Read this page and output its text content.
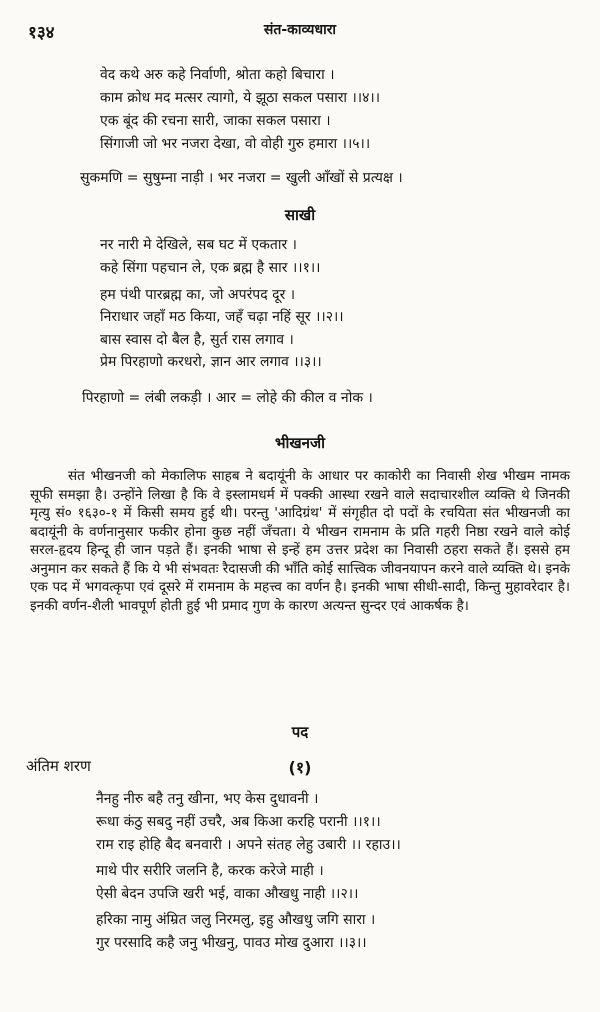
१३४	संत-काव्यधारा
वेद कथे अरु कहे निर्वाणी, श्रोता कहो बिचारा ।
काम क्रोध मद मत्सर त्यागो, ये झूठा सकल पसारा ।।४।।
एक बूंद की रचना सारी, जाका सकल पसारा ।
सिंगाजी जो भर नजरा देखा, वो वोही गुरु हमारा ।।५।।
सुकमणि = सुषुम्ना नाड़ी । भर नजरा = खुली आँखों से प्रत्यक्ष ।
साखी
नर नारी मे देखिले, सब घट में एकतार ।
कहे सिंगा पहचान ले, एक ब्रह्म है सार ।।१।।
हम पंथी पारब्रह्म का, जो अपरंपद दूर ।
निराधार जहाँ मठ किया, जहँ चढ़ा नहिं सूर ।।२।।
बास स्वास दो बैल है, सुर्त रास लगाव ।
प्रेम पिरहाणो करधरो, ज्ञान आर लगाव ।।३।।
पिरहाणो = लंबी लकड़ी । आर = लोहे की कील व नोक ।
भीखनजी

संत भीखनजी को मेकालिफ साहब ने बदायूंनी के आधार पर काकोरी का निवासी शेख भीखम नामक सूफी समझा है। उन्होंने लिखा है कि वे इस्लामधर्म में पक्की आस्था रखने वाले सदाचारशील व्यक्ति थे जिनकी मृत्यु सं० १६३०-१ में किसी समय हुई थी। परन्तु 'आदिग्रंथ' में संगृहीत दो पदों के रचयिता संत भीखनजी का बदायूंनी के वर्णनानुसार फकीर होना कुछ नहीं जँचता। ये भीखन रामनाम के प्रति गहरी निष्ठा रखने वाले कोई सरल-हृदय हिन्दू ही जान पड़ते हैं। इनकी भाषा से इन्हें हम उत्तर प्रदेश का निवासी ठहरा सकते हैं। इससे हम अनुमान कर सकते हैं कि ये भी संभवतः रैदासजी की भाँति कोई सात्त्विक जीवनयापन करने वाले व्यक्ति थे। इनके एक पद में भगवत्कृपा एवं दूसरे में रामनाम के महत्त्व का वर्णन है। इनकी भाषा सीधी-सादी, किन्तु मुहावरेदार है। इनकी वर्णन-शैली भावपूर्ण होती हुई भी प्रमाद गुण के कारण अत्यन्त सुन्दर एवं आकर्षक है।

पद
अंतिम शरण	(१)
नैनहु नीरु बहै तनु खीना, भए केस दुधावनी ।
रूधा कंठु सबदु नहीं उचरै, अब किआ करहि परानी ।।१।।
राम राइ होहि बैद बनवारी । अपने संतह लेहु उबारी ।। रहाउ।।
माथे पीर सरीरि जलनि है, करक करेजे माही ।
ऐसी बेदन उपजि खरी भई, वाका औखधु नाही ।।२।।
हरिका नामु अंम्रित जलु निरमलु, इहु औखधु जगि सारा ।
गुर परसादि कहै जनु भीखनु, पावउ मोख दुआरा ।।३।।
